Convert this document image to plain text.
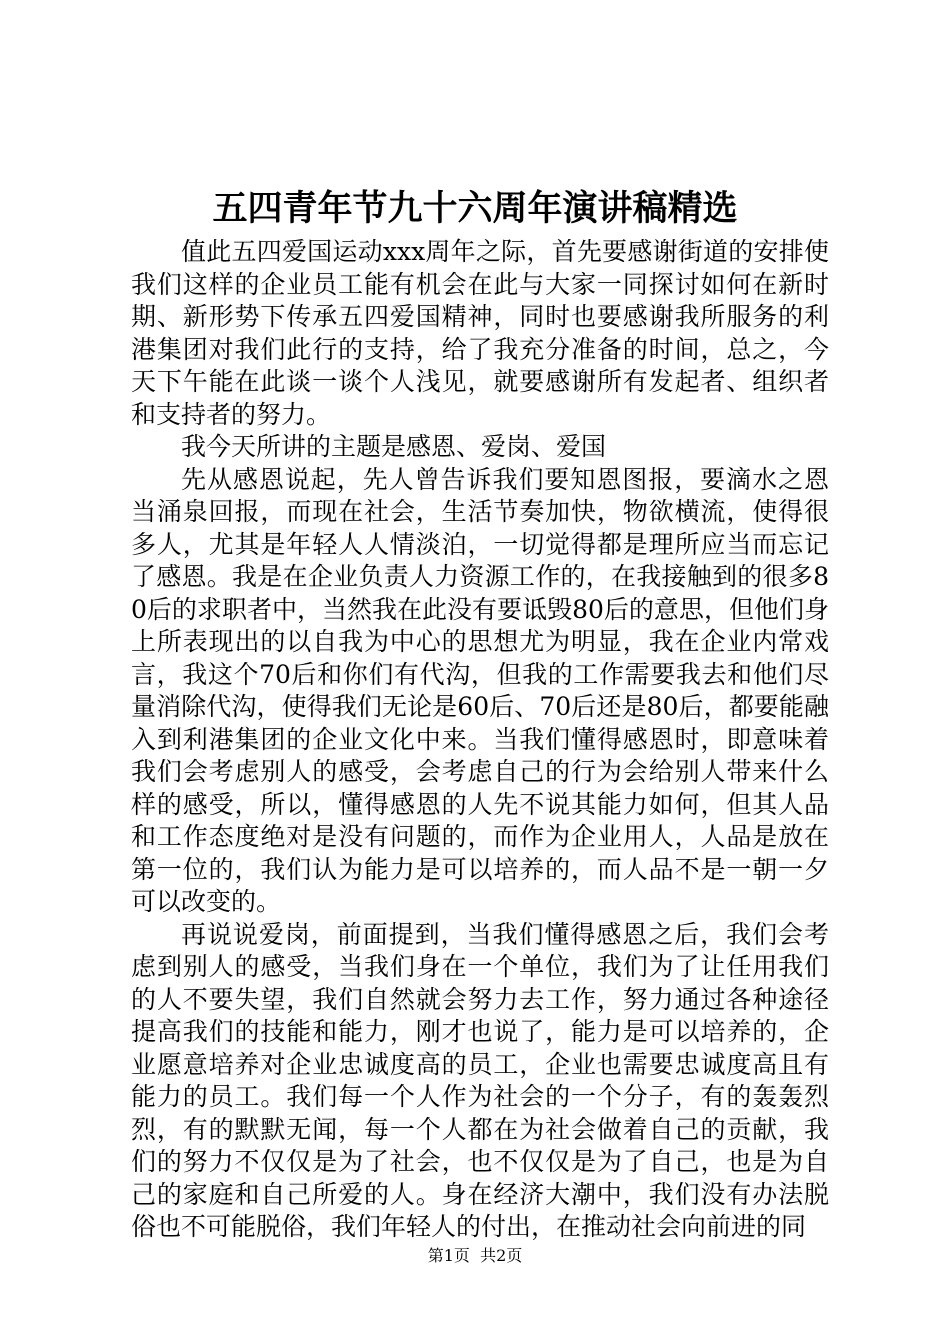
五四青年节九十六周年演讲稿精选

值此五四爱国运动xxx周年之际，首先要感谢街道的安排使我们这样的企业员工能有机会在此与大家一同探讨如何在新时期、新形势下传承五四爱国精神，同时也要感谢我所服务的利港集团对我们此行的支持，给了我充分准备的时间，总之，今天下午能在此谈一谈个人浅见，就要感谢所有发起者、组织者和支持者的努力。

我今天所讲的主题是感恩、爱岗、爱国

先从感恩说起，先人曾告诉我们要知恩图报，要滴水之恩当涌泉回报，而现在社会，生活节奏加快，物欲横流，使得很多人，尤其是年轻人人情淡泊，一切觉得都是理所应当而忘记了感恩。我是在企业负责人力资源工作的，在我接触到的很多80后的求职者中，当然我在此没有要诋毁80后的意思，但他们身上所表现出的以自我为中心的思想尤为明显，我在企业内常戏言，我这个70后和你们有代沟，但我的工作需要我去和他们尽量消除代沟，使得我们无论是60后、70后还是80后，都要能融入到利港集团的企业文化中来。当我们懂得感恩时，即意味着我们会考虑别人的感受，会考虑自己的行为会给别人带来什么样的感受，所以，懂得感恩的人先不说其能力如何，但其人品和工作态度绝对是没有问题的，而作为企业用人，人品是放在第一位的，我们认为能力是可以培养的，而人品不是一朝一夕可以改变的。

再说说爱岗，前面提到，当我们懂得感恩之后，我们会考虑到别人的感受，当我们身在一个单位，我们为了让任用我们的人不要失望，我们自然就会努力去工作，努力通过各种途径提高我们的技能和能力，刚才也说了，能力是可以培养的，企业愿意培养对企业忠诚度高的员工，企业也需要忠诚度高且有能力的员工。我们每一个人作为社会的一个分子，有的轰轰烈烈，有的默默无闻，每一个人都在为社会做着自己的贡献，我们的努力不仅仅是为了社会，也不仅仅是为了自己，也是为自己的家庭和自己所爱的人。身在经济大潮中，我们没有办法脱俗也不可能脱俗，我们年轻人的付出，在推动社会向前进的同

第1页 共2页
